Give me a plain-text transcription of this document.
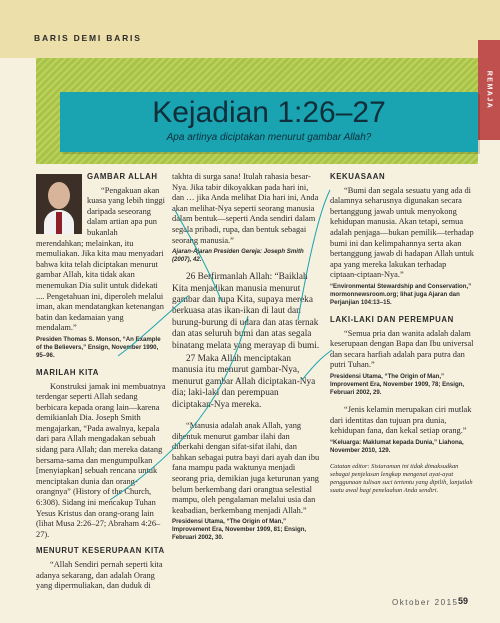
BARIS DEMI BARIS
REMAJA
Kejadian 1:26–27
Apa artinya diciptakan menurut gambar Allah?
GAMBAR ALLAH
“Pengakuan akan kuasa yang lebih tinggi daripada seseorang dalam artian apa pun bukanlah merendahkan; melainkan, itu memuliakan. Jika kita mau menyadari bahwa kita telah diciptakan menurut gambar Allah, kita tidak akan menemukan Dia sulit untuk didekati .... Pengetahuan ini, diperoleh melalui iman, akan mendatangkan ketenangan batin dan kedamaian yang mendalam.”
Presiden Thomas S. Monson, “An Example of the Believers,” Ensign, November 1990, 95–96.
MARILAH KITA
Konstruksi jamak ini membuatnya terdengar seperti Allah sedang berbicara kepada orang lain—karena demikianlah Dia. Joseph Smith mengajarkan, “Pada awalnya, kepala dari para Allah mengadakan sebuah sidang para Allah; dan mereka datang bersama-sama dan mengumpulkan [menyiapkan] sebuah rencana untuk menciptakan dunia dan orang-orangnya” (History of the Church, 6:308). Sidang ini mencakup Tuhan Yesus Kristus dan orang-orang lain (lihat Musa 2:26–27; Abraham 4:26–27).
MENURUT KESERUPAAN KITA
“Allah Sendiri pernah seperti kita adanya sekarang, dan adalah Orang yang dipermuliakan, dan duduk di
takhta di surga sana! Itulah rahasia besar-Nya. Jika tabir dikoyakkan pada hari ini, dan … jika Anda melihat Dia hari ini, Anda akan melihat-Nya seperti seorang manusia dalam bentuk—seperti Anda sendiri dalam segala pribadi, rupa, dan bentuk sebagai seorang manusia.”
Ajaran-Ajaran Presiden Gereja: Joseph Smith (2007), 42.
26 Berfirmanlah Allah: “Baiklah Kita menjadikan manusia menurut gambar dan rupa Kita, supaya mereka berkuasa atas ikan-ikan di laut dan burung-burung di udara dan atas ternak dan atas seluruh bumi dan atas segala binatang melata yang merayap di bumi.
27 Maka Allah menciptakan manusia itu menurut gambar-Nya, menurut gambar Allah diciptakan-Nya dia; laki-laki dan perempuan diciptakan-Nya mereka.
“Manusia adalah anak Allah, yang dibentuk menurut gambar ilahi dan diberkahi dengan sifat-sifat ilahi, dan bahkan sebagai putra bayi dari ayah dan ibu fana mampu pada waktunya menjadi seorang pria, demikian juga keturunan yang belum berkembang dari orangtua selestial mampu, oleh pengalaman melalui usia dan keabadian, berkembang menjadi Allah.”
Presidensi Utama, “The Origin of Man,” Improvement Era, November 1909, 81; Ensign, Februari 2002, 30.
KEKUASAAN
“Bumi dan segala sesuatu yang ada di dalamnya seharusnya digunakan secara bertanggung jawab untuk menyokong kehidupan manusia. Akan tetapi, semua adalah penjaga—bukan pemilik—terhadap bumi ini dan kelimpahannya serta akan bertanggung jawab di hadapan Allah untuk apa yang mereka lakukan terhadap ciptaan-ciptaan-Nya.”
“Environmental Stewardship and Conservation,” mormonnewsroom.org; lihat juga Ajaran dan Perjanjian 104:13–15.
LAKI-LAKI DAN PEREMPUAN
“Semua pria dan wanita adalah dalam keserupaan dengan Bapa dan Ibu universal dan secara harfiah adalah para putra dan putri Tuhan.”
Presidensi Utama, “The Origin of Man,” Improvement Era, November 1909, 78; Ensign, Februari 2002, 29.
“Jenis kelamin merupakan ciri mutlak dari identitas dan tujuan pra dunia, kehidupan fana, dan kekal setiap orang.”
“Keluarga: Maklumat kepada Dunia,” Liahona, November 2010, 129.
Catatan editor: Sisiaraman ini tidak dimaksudkan sebagai penjelasan lengkap mengenai ayat-ayat penggunaan tulisan suci tertentu yang dipilih, lanjutlah suatu awal bagi penelaahan Anda sendiri.
Oktober 2015 59
